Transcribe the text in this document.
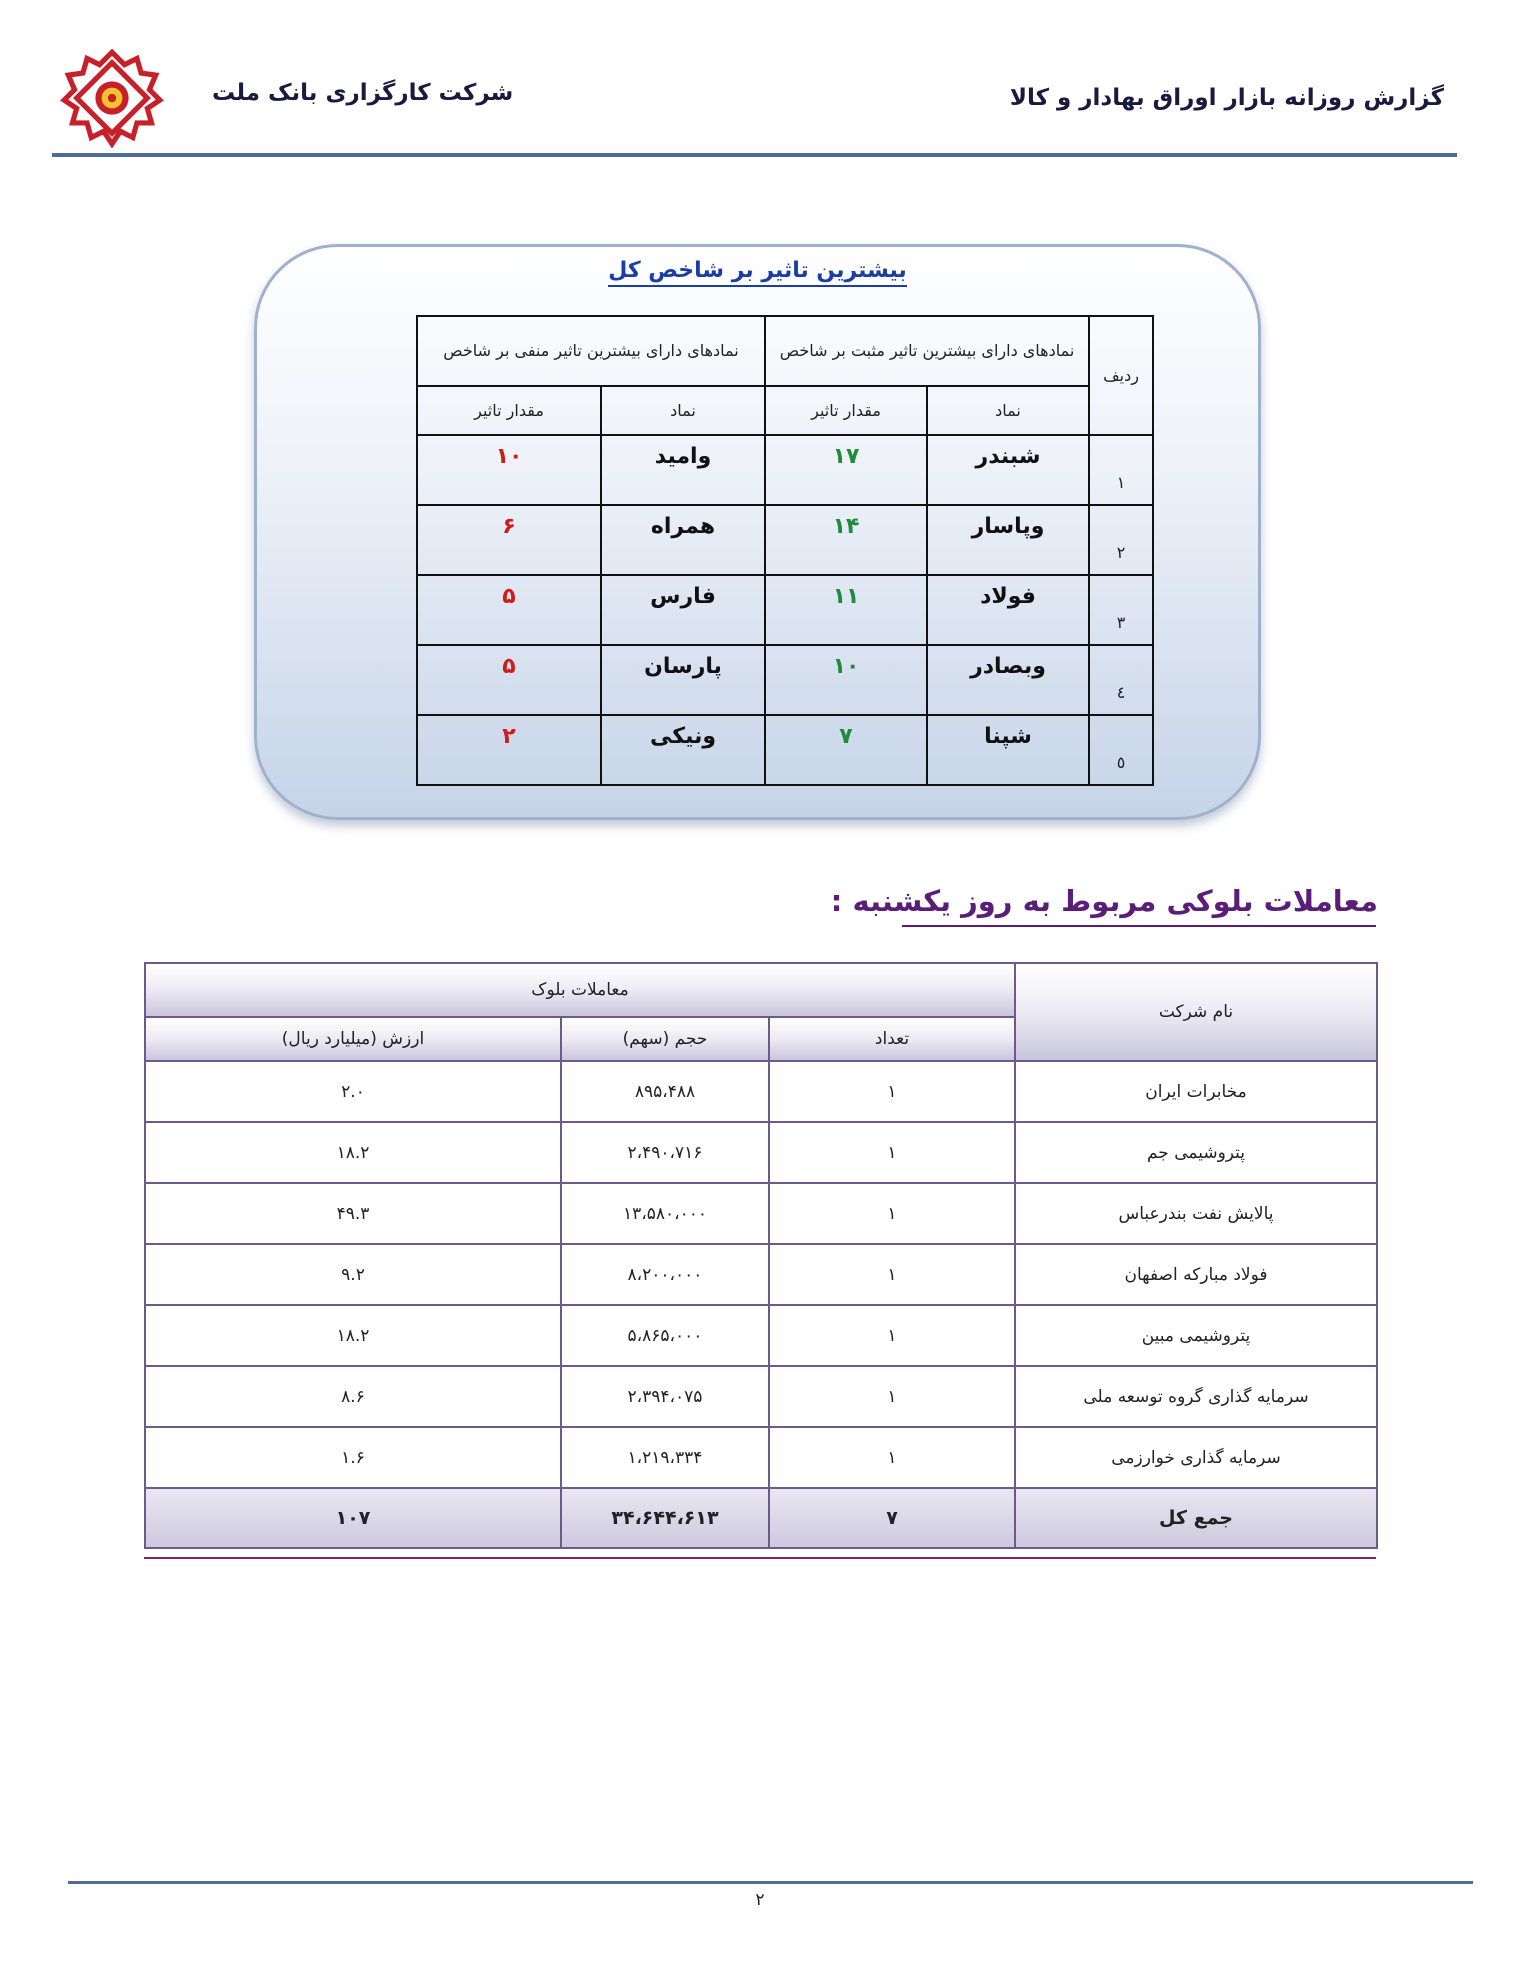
شرکت کارگزاری بانک ملت	گزارش روزانه بازار اوراق بهادار و کالا
بیشترین تاثیر بر شاخص کل
ردیف	نمادهای دارای بیشترین تاثیر مثبت بر شاخص		نمادهای دارای بیشترین تاثیر منفی بر شاخص	
	نماد	مقدار تاثیر	نماد	مقدار تاثیر
۱	شبندر	۱۷	وامید	۱۰
۲	وپاسار	۱۴	همراه	۶
۳	فولاد	۱۱	فارس	۵
٤	وبصادر	۱۰	پارسان	۵
٥	شپنا	۷	ونیکی	۲
معاملات بلوکی مربوط به روز یکشنبه :
نام شرکت	معاملات بلوک		
	تعداد	حجم (سهم)	ارزش (میلیارد ریال)
مخابرات ایران	۱	۸۹۵،۴۸۸	۲.۰
پتروشیمی جم	۱	۲،۴۹۰،۷۱۶	۱۸.۲
پالایش نفت بندرعباس	۱	۱۳،۵۸۰،۰۰۰	۴۹.۳
فولاد مبارکه اصفهان	۱	۸،۲۰۰،۰۰۰	۹.۲
پتروشیمی مبین	۱	۵،۸۶۵،۰۰۰	۱۸.۲
سرمایه گذاری گروه توسعه ملی	۱	۲،۳۹۴،۰۷۵	۸.۶
سرمایه گذاری خوارزمی	۱	۱،۲۱۹،۳۳۴	۱.۶
جمع کل	۷	۳۴،۶۴۴،۶۱۳	۱۰۷
۲
